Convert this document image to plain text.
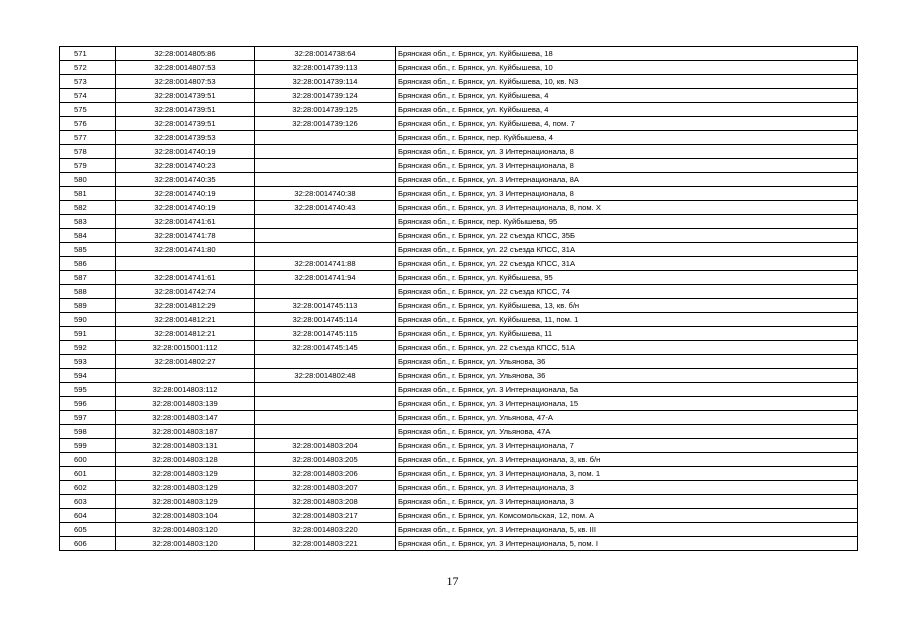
571	32:28:0014805:86	32:28:0014738:64	Брянская обл., г. Брянск, ул. Куйбышева, 18
572	32:28:0014807:53	32:28:0014739:113	Брянская обл., г. Брянск, ул. Куйбышева, 10
573	32:28:0014807:53	32:28:0014739:114	Брянская обл., г. Брянск, ул. Куйбышева, 10, кв. N3
574	32:28:0014739:51	32:28:0014739:124	Брянская обл., г. Брянск, ул. Куйбышева, 4
575	32:28:0014739:51	32:28:0014739:125	Брянская обл., г. Брянск, ул. Куйбышева, 4
576	32:28:0014739:51	32:28:0014739:126	Брянская обл., г. Брянск, ул. Куйбышева, 4, пом. 7
577	32:28:0014739:53		Брянская обл., г. Брянск, пер. Куйбышева, 4
578	32:28:0014740:19		Брянская обл., г. Брянск, ул. 3 Интернационала, 8
579	32:28:0014740:23		Брянская обл., г. Брянск, ул. 3 Интернационала, 8
580	32:28:0014740:35		Брянская обл., г. Брянск, ул. 3 Интернационала, 8А
581	32:28:0014740:19	32:28:0014740:38	Брянская обл., г. Брянск, ул. 3 Интернационала, 8
582	32:28:0014740:19	32:28:0014740:43	Брянская обл., г. Брянск, ул. 3 Интернационала, 8, пом. X
583	32:28:0014741:61		Брянская обл., г. Брянск, пер. Куйбышева, 95
584	32:28:0014741:78		Брянская обл., г. Брянск, ул. 22 съезда КПСС, 35Б
585	32:28:0014741:80		Брянская обл., г. Брянск, ул. 22 съезда КПСС, 31А
586		32:28:0014741:88	Брянская обл., г. Брянск, ул. 22 съезда КПСС, 31А
587	32:28:0014741:61	32:28:0014741:94	Брянская обл., г. Брянск, ул. Куйбышева, 95
588	32:28:0014742:74		Брянская обл., г. Брянск, ул. 22 съезда КПСС, 74
589	32:28:0014812:29	32:28:0014745:113	Брянская обл., г. Брянск, ул. Куйбышева, 13, кв. б/н
590	32:28:0014812:21	32:28:0014745:114	Брянская обл., г. Брянск, ул. Куйбышева, 11, пом. 1
591	32:28:0014812:21	32:28:0014745:115	Брянская обл., г. Брянск, ул. Куйбышева, 11
592	32:28:0015001:112	32:28:0014745:145	Брянская обл., г. Брянск, ул. 22 съезда КПСС, 51А
593	32:28:0014802:27		Брянская обл., г. Брянск, ул. Ульянова, 36
594		32:28:0014802:48	Брянская обл., г. Брянск, ул. Ульянова, 36
595	32:28:0014803:112		Брянская обл., г. Брянск, ул. 3 Интернационала, 5а
596	32:28:0014803:139		Брянская обл., г. Брянск, ул. 3 Интернационала, 15
597	32:28:0014803:147		Брянская обл., г. Брянск, ул. Ульянова, 47-А
598	32:28:0014803:187		Брянская обл., г. Брянск, ул. Ульянова, 47А
599	32:28:0014803:131	32:28:0014803:204	Брянская обл., г. Брянск, ул. 3 Интернационала, 7
600	32:28:0014803:128	32:28:0014803:205	Брянская обл., г. Брянск, ул. 3 Интернационала, 3, кв. б/н
601	32:28:0014803:129	32:28:0014803:206	Брянская обл., г. Брянск, ул. 3 Интернационала, 3, пом. 1
602	32:28:0014803:129	32:28:0014803:207	Брянская обл., г. Брянск, ул. 3 Интернационала, 3
603	32:28:0014803:129	32:28:0014803:208	Брянская обл., г. Брянск, ул. 3 Интернационала, 3
604	32:28:0014803:104	32:28:0014803:217	Брянская обл., г. Брянск, ул. Комсомольская, 12, пом. А
605	32:28:0014803:120	32:28:0014803:220	Брянская обл., г. Брянск, ул. 3 Интернационала, 5, кв. III
606	32:28:0014803:120	32:28:0014803:221	Брянская обл., г. Брянск, ул. 3 Интернационала, 5, пом. I
17
